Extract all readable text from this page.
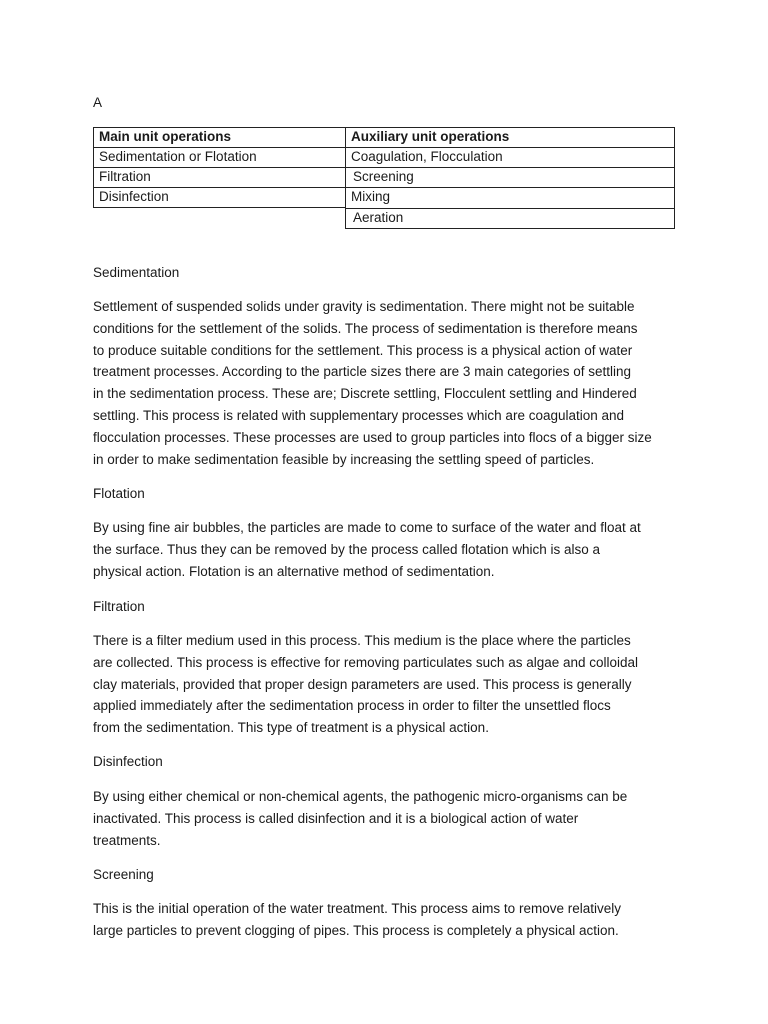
A
Main unit operations	Auxiliary unit operations
Sedimentation or Flotation
Filtration
Disinfection
Coagulation, Flocculation
Screening
Mixing
Aeration
Sedimentation
Settlement of suspended solids under gravity is sedimentation. There might not be suitable
conditions for the settlement of the solids. The process of sedimentation is therefore means
to produce suitable conditions for the settlement. This process is a physical action of water
treatment processes. According to the particle sizes there are 3 main categories of settling
in the sedimentation process. These are; Discrete settling, Flocculent settling and Hindered
settling. This process is related with supplementary processes which are coagulation and
flocculation processes. These processes are used to group particles into flocs of a bigger size
in order to make sedimentation feasible by increasing the settling speed of particles.
Flotation
By using fine air bubbles, the particles are made to come to surface of the water and float at
the surface. Thus they can be removed by the process called flotation which is also a
physical action. Flotation is an alternative method of sedimentation.
Filtration
There is a filter medium used in this process. This medium is the place where the particles
are collected. This process is effective for removing particulates such as algae and colloidal
clay materials, provided that proper design parameters are used. This process is generally
applied immediately after the sedimentation process in order to filter the unsettled flocs
from the sedimentation. This type of treatment is a physical action.
Disinfection
By using either chemical or non-chemical agents, the pathogenic micro-organisms can be
inactivated. This process is called disinfection and it is a biological action of water
treatments.
Screening
This is the initial operation of the water treatment. This process aims to remove relatively
large particles to prevent clogging of pipes. This process is completely a physical action.
